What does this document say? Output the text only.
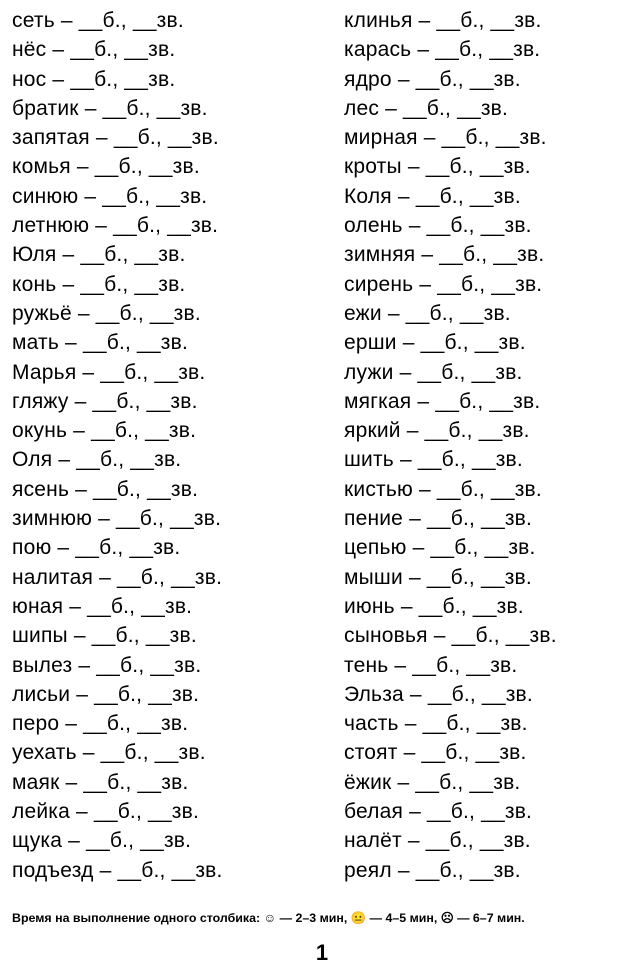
сеть – __б., __зв.
нёс – __б., __зв.
нос – __б., __зв.
братик – __б., __зв.
запятая – __б., __зв.
комья – __б., __зв.
синюю – __б., __зв.
летнюю – __б., __зв.
Юля – __б., __зв.
конь – __б., __зв.
ружьё – __б., __зв.
мать – __б., __зв.
Марья – __б., __зв.
гляжу – __б., __зв.
окунь – __б., __зв.
Оля – __б., __зв.
ясень – __б., __зв.
зимнюю – __б., __зв.
пою – __б., __зв.
налитая – __б., __зв.
юная – __б., __зв.
шипы – __б., __зв.
вылез – __б., __зв.
лисьи – __б., __зв.
перо – __б., __зв.
уехать – __б., __зв.
маяк – __б., __зв.
лейка – __б., __зв.
щука – __б., __зв.
подъезд – __б., __зв.
клинья – __б., __зв.
карась – __б., __зв.
ядро – __б., __зв.
лес – __б., __зв.
мирная – __б., __зв.
кроты – __б., __зв.
Коля – __б., __зв.
олень – __б., __зв.
зимняя – __б., __зв.
сирень – __б., __зв.
ежи – __б., __зв.
ерши – __б., __зв.
лужи – __б., __зв.
мягкая – __б., __зв.
яркий – __б., __зв.
шить – __б., __зв.
кистью – __б., __зв.
пение – __б., __зв.
цепью – __б., __зв.
мыши – __б., __зв.
июнь – __б., __зв.
сыновья – __б., __зв.
тень – __б., __зв.
Эльза – __б., __зв.
часть – __б., __зв.
стоят – __б., __зв.
ёжик – __б., __зв.
белая – __б., __зв.
налёт – __б., __зв.
реял – __б., __зв.
Время на выполнение одного столбика: ☺ — 2–3 мин, 😐 — 4–5 мин, ☹ — 6–7 мин.
1
